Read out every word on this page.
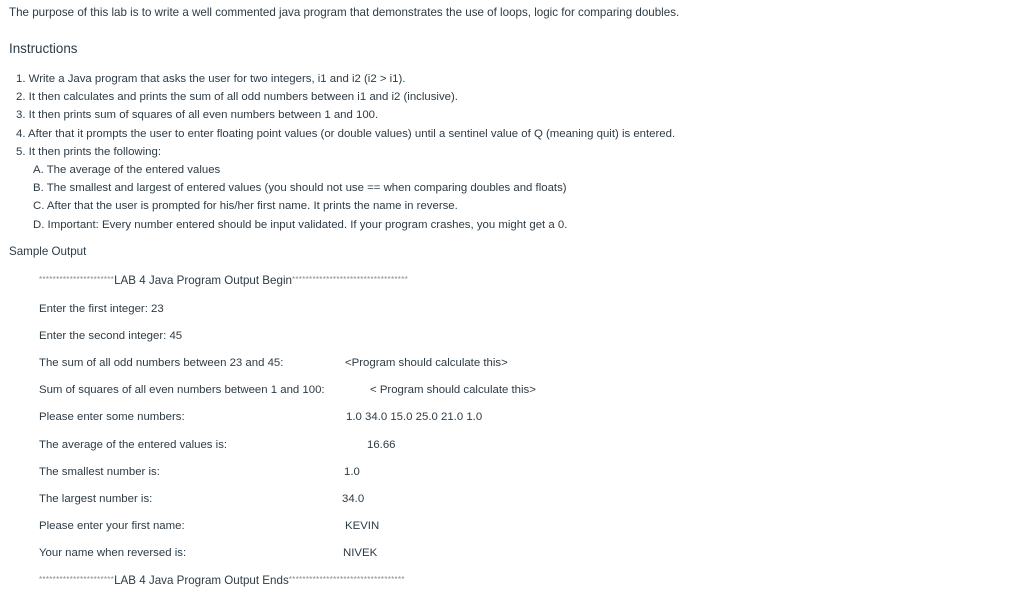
The purpose of this lab is to write a well commented java program that demonstrates the use of loops, logic for comparing doubles.
Instructions
1. Write a Java program that asks the user for two integers, i1 and i2 (i2 > i1).
2. It then calculates and prints the sum of all odd numbers between i1 and i2 (inclusive).
3. It then prints sum of squares of all even numbers between 1 and 100.
4. After that it prompts the user to enter floating point values (or double values) until a sentinel value of Q (meaning quit) is entered.
5. It then prints the following:
A. The average of the entered values
B. The smallest and largest of entered values (you should not use == when comparing doubles and floats)
C. After that the user is prompted for his/her first name. It prints the name in reverse.
D. Important: Every number entered should be input validated. If your program crashes, you might get a 0.
Sample Output
**********************LAB 4 Java Program Output Begin**********************************
Enter the first integer: 23
Enter the second integer: 45
The sum of all odd numbers between 23 and 45:	<Program should calculate this>
Sum of squares of all even numbers between 1 and 100:	< Program should calculate this>
Please enter some numbers:	1.0 34.0 15.0 25.0 21.0 1.0
The average of the entered values is:	16.66
The smallest number is:	1.0
The largest number is:	34.0
Please enter your first name:	KEVIN
Your name when reversed is:	NIVEK
**********************LAB 4 Java Program Output Ends**********************************
